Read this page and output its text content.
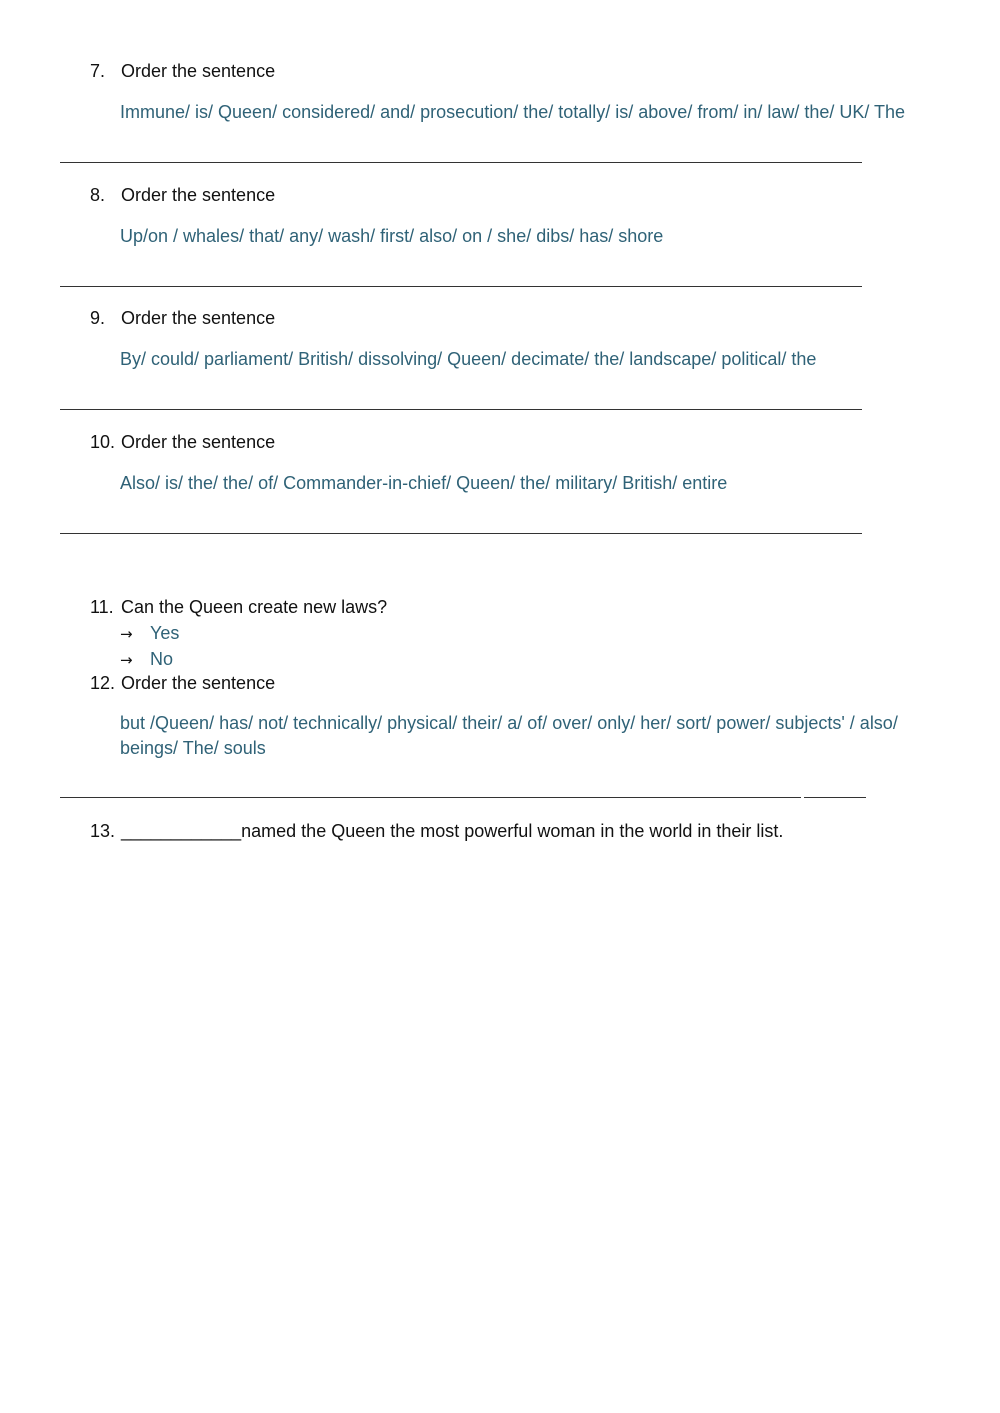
7. Order the sentence
Immune/ is/ Queen/ considered/ and/ prosecution/ the/ totally/ is/ above/ from/ in/ law/ the/ UK/ The
8. Order the sentence
Up/on / whales/ that/ any/ wash/ first/ also/ on / she/ dibs/ has/ shore
9. Order the sentence
By/ could/ parliament/ British/ dissolving/ Queen/ decimate/ the/ landscape/ political/ the
10. Order the sentence
Also/ is/ the/ the/ of/ Commander-in-chief/ Queen/ the/ military/ British/ entire
11. Can the Queen create new laws?
→ Yes
→ No
12. Order the sentence
but /Queen/ has/ not/ technically/ physical/ their/ a/ of/ over/ only/ her/ sort/ power/ subjects' / also/
beings/ The/ souls
13. ____________named the Queen the most powerful woman in the world in their list.
